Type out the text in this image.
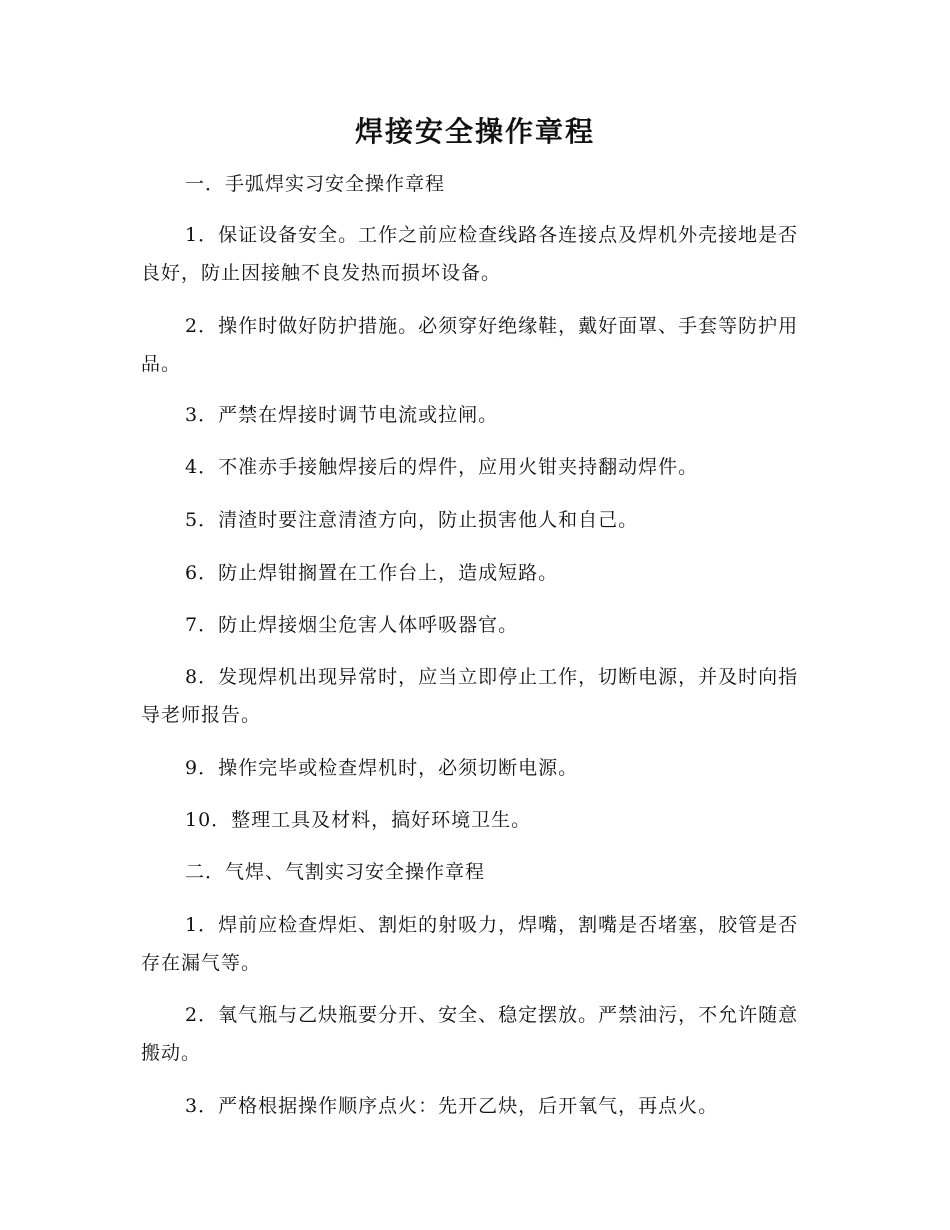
焊接安全操作章程
一．手弧焊实习安全操作章程
1．保证设备安全。工作之前应检查线路各连接点及焊机外壳接地是否良好，防止因接触不良发热而损坏设备。
2．操作时做好防护措施。必须穿好绝缘鞋，戴好面罩、手套等防护用品。
3．严禁在焊接时调节电流或拉闸。
4．不准赤手接触焊接后的焊件，应用火钳夹持翻动焊件。
5．清渣时要注意清渣方向，防止损害他人和自己。
6．防止焊钳搁置在工作台上，造成短路。
7．防止焊接烟尘危害人体呼吸器官。
8．发现焊机出现异常时，应当立即停止工作，切断电源，并及时向指导老师报告。
9．操作完毕或检查焊机时，必须切断电源。
10．整理工具及材料，搞好环境卫生。
二．气焊、气割实习安全操作章程
1．焊前应检查焊炬、割炬的射吸力，焊嘴，割嘴是否堵塞，胶管是否存在漏气等。
2．氧气瓶与乙炔瓶要分开、安全、稳定摆放。严禁油污，不允许随意搬动。
3．严格根据操作顺序点火：先开乙炔，后开氧气，再点火。
